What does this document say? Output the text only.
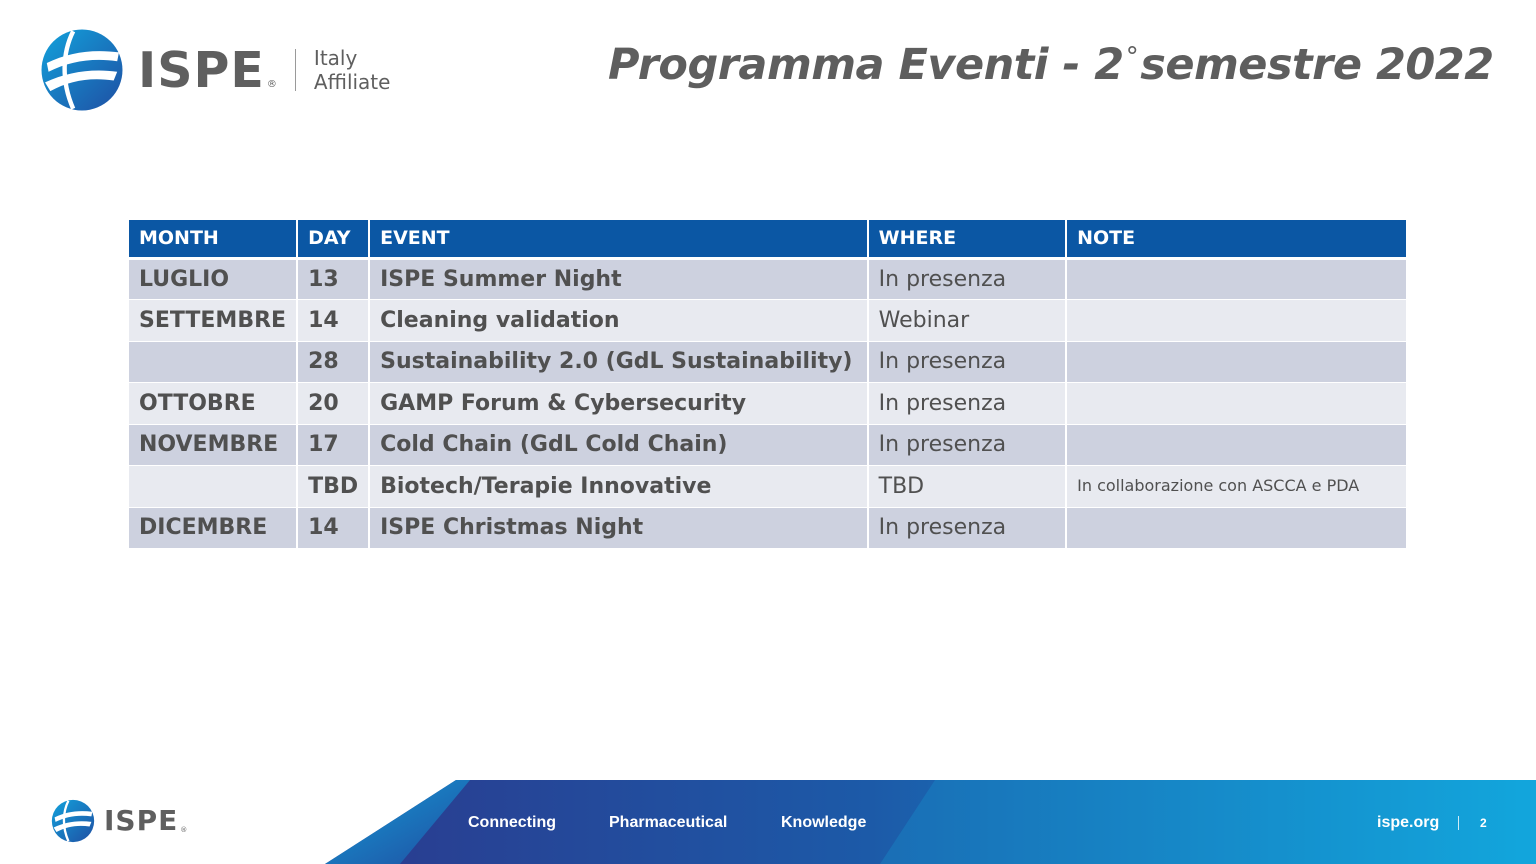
ISPE ®
Italy
Affiliate	Programma Eventi - 2°semestre 2022
MONTH	DAY	EVENT	WHERE	NOTE
LUGLIO	13	ISPE Summer Night	In presenza	
SETTEMBRE	14	Cleaning validation	Webinar	
	28	Sustainability 2.0 (GdL Sustainability)	In presenza	
OTTOBRE	20	GAMP Forum & Cybersecurity	In presenza	
NOVEMBRE	17	Cold Chain (GdL Cold Chain)	In presenza	
	TBD	Biotech/Terapie Innovative	TBD	In collaborazione con ASCCA e PDA
DICEMBRE	14	ISPE Christmas Night	In presenza	
ISPE ®	Connecting	Pharmaceutical	Knowledge	ispe.org	2
